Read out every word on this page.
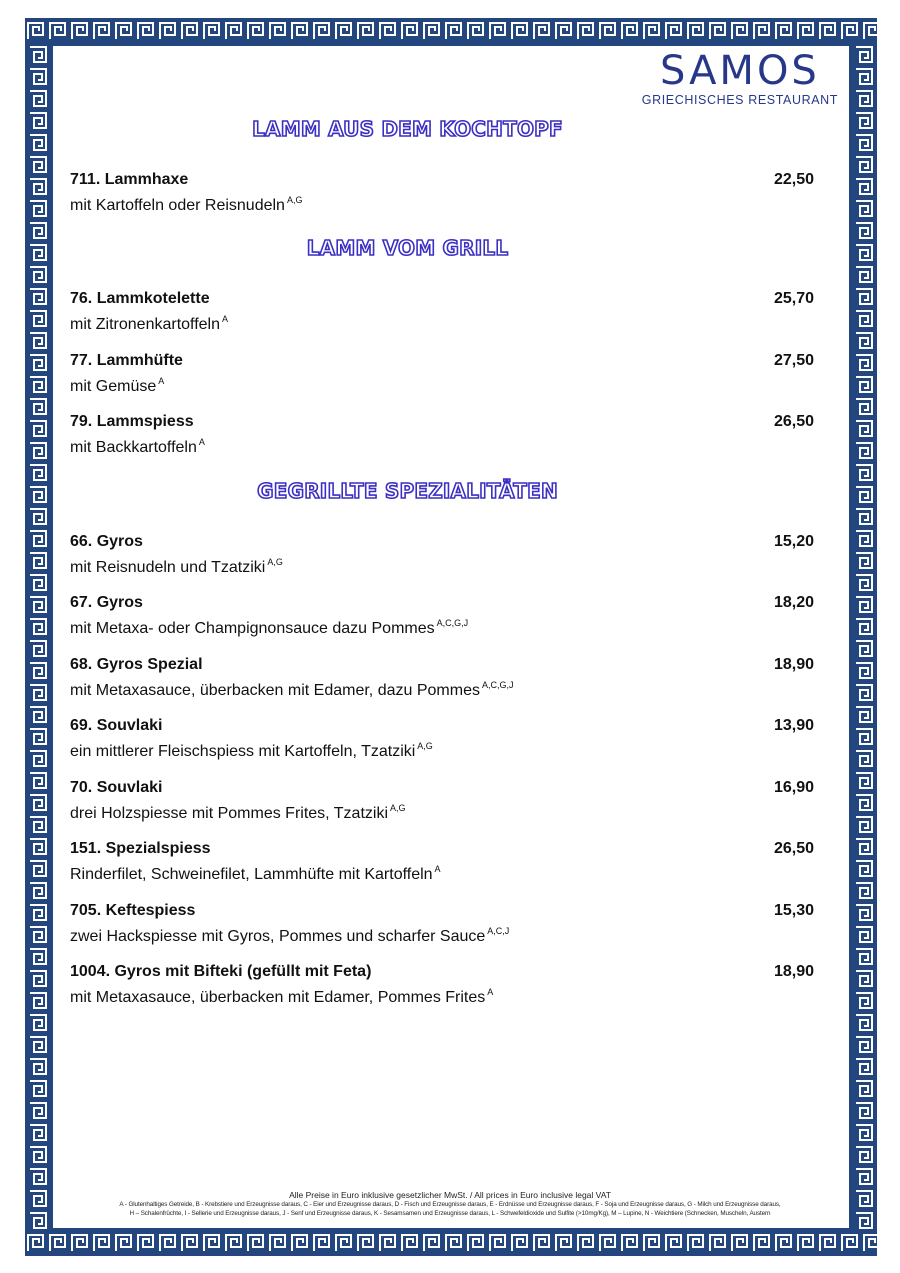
SAMOS
GRIECHISCHES RESTAURANT
LAMM AUS DEM KOCHTOPF
711. Lammhaxe	22,50
mit Kartoffeln oder Reisnudeln $^{A,G}$
LAMM VOM GRILL
76. Lammkotelette	25,70
mit Zitronenkartoffeln $^A$
77. Lammhüfte	27,50
mit Gemüse $^A$
79. Lammspiess	26,50
mit Backkartoffeln $^A$
GEGRILLTE SPEZIALITÄTEN
66. Gyros	15,20
mit Reisnudeln und Tzatziki $^{A,G}$
67. Gyros	18,20
mit Metaxa- oder Champignonsauce dazu Pommes $^{A,C,G,J}$
68. Gyros Spezial	18,90
mit Metaxasauce, überbacken mit Edamer, dazu Pommes $^{A,C,G,J}$
69. Souvlaki	13,90
ein mittlerer Fleischspiess mit Kartoffeln, Tzatziki $^{A,G}$
70. Souvlaki	16,90
drei Holzspiesse mit Pommes Frites, Tzatziki $^{A,G}$
151. Spezialspiess	26,50
Rinderfilet, Schweinefilet, Lammhüfte mit Kartoffeln $^A$
705. Keftespiess	15,30
zwei Hackspiesse mit Gyros, Pommes und scharfer Sauce $^{A,C,J}$
1004. Gyros mit Bifteki (gefüllt mit Feta)	18,90
mit Metaxasauce, überbacken mit Edamer, Pommes Frites $^A$
Alle Preise in Euro inklusive gesetzlicher MwSt. / All prices in Euro inclusive legal VAT
A - Glutenhaltiges Getreide, B - Krebstiere und Erzeugnisse daraus, C - Eier und Erzeugnisse daraus, D - Fisch und Erzeugnisse daraus, E - Erdnüsse und Erzeugnisse daraus, F - Soja und Erzeugnisse daraus, G - Milch und Erzeugnisse daraus,
H – Schalenfrüchte, I - Sellerie und Erzeugnisse daraus, J - Senf und Erzeugnisse daraus, K - Sesamsamen und Erzeugnisse daraus, L - Schwefeldioxide und Sulfite (>10mg/Kg), M – Lupine, N - Weichtiere (Schnecken, Muscheln, Austern
